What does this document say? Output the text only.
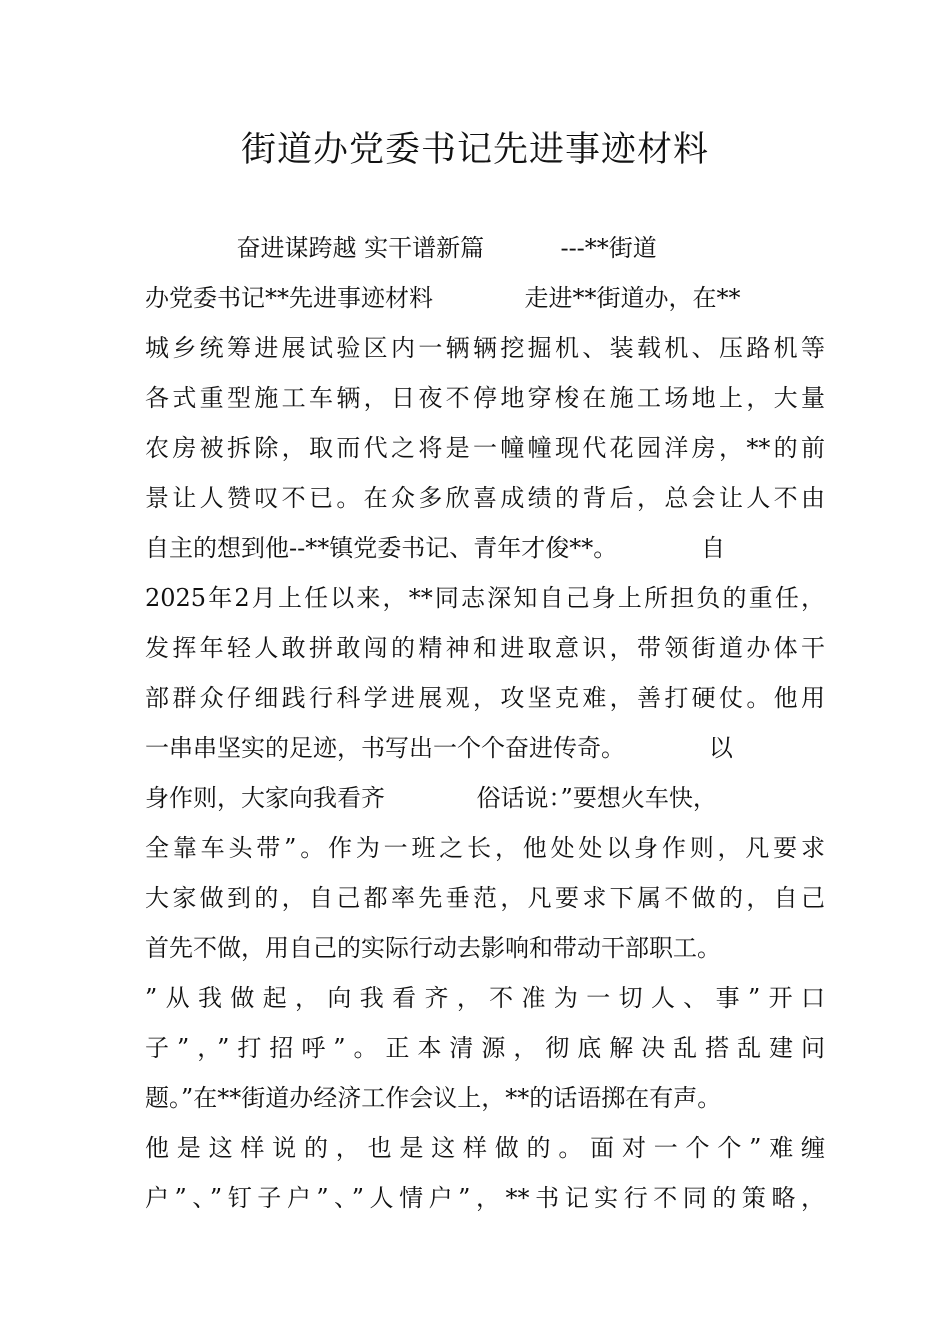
街道办党委书记先进事迹材料
奋进谋跨越 实干谱新篇          ---**街道
办党委书记**先进事迹材料            走进**街道办，在**
城乡统筹进展试验区内一辆辆挖掘机、装载机、压路机等
各式重型施工车辆，日夜不停地穿梭在施工场地上，大量
农房被拆除，取而代之将是一幢幢现代花园洋房，**的前
景让人赞叹不已。在众多欣喜成绩的背后，总会让人不由
自主的想到他--**镇党委书记、青年才俊**。           自
2025年2月上任以来，**同志深知自己身上所担负的重任，
发挥年轻人敢拼敢闯的精神和进取意识，带领街道办体干
部群众仔细践行科学进展观，攻坚克难，善打硬仗。他用
一串串坚实的足迹，书写出一个个奋进传奇。           以
身作则，大家向我看齐            俗话说：”要想火车快，
全靠车头带”。作为一班之长，他处处以身作则，凡要求
大家做到的，自己都率先垂范，凡要求下属不做的，自己
首先不做，用自己的实际行动去影响和带动干部职工。
”从我做起，向我看齐，不准为一切人、事”开口
子”，”打招呼”。正本清源，彻底解决乱搭乱建问
题。”在**街道办经济工作会议上，**的话语掷在有声。
他是这样说的，也是这样做的。面对一个个”难缠
户”、”钉子户”、”人情户”，**书记实行不同的策略，
